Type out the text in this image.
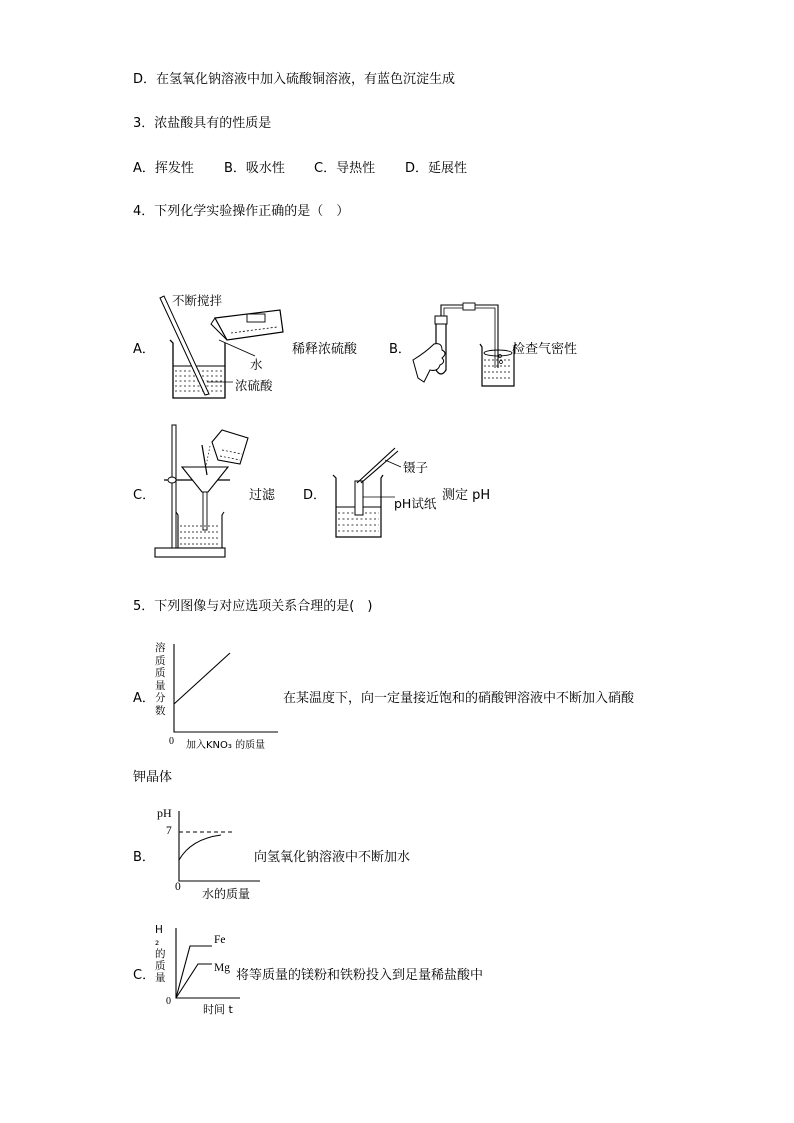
D．在氢氧化钠溶液中加入硫酸铜溶液，有蓝色沉淀生成
3．浓盐酸具有的性质是
A．挥发性 B．吸水性 C．导热性 D．延展性
4．下列化学实验操作正确的是（　）
A．
不断搅拌
水
浓硫酸
稀释浓硫酸 B．	检查气密性
C．	过滤 D．
镊子
pH试纸
测定 pH
5．下列图像与对应选项关系合理的是(　)
A．
溶质质量分数
0 加入KNO₃ 的质量
在某温度下，向一定量接近饱和的硝酸钾溶液中不断加入硝酸
钾晶体
B．
pH
7
0 水的质量
向氢氧化钠溶液中不断加水
C．
H₂的质量
Fe
Mg
0
时间 t
将等质量的镁粉和铁粉投入到足量稀盐酸中
